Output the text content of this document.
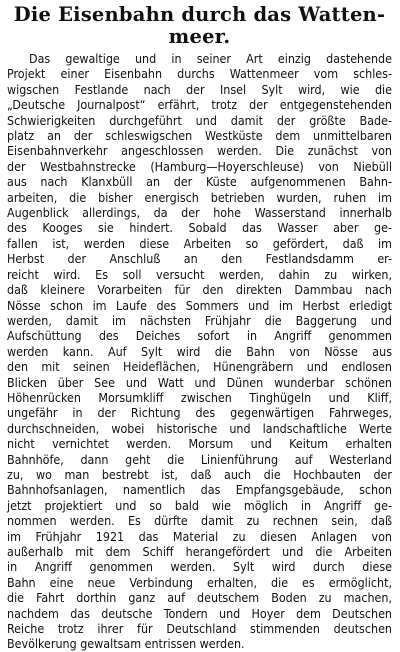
Die Eisenbahn durch das Watten-
meer.
Das gewaltige und in seiner Art einzig dastehende
Projekt einer Eisenbahn durchs Wattenmeer vom schles-
wigschen Festlande nach der Insel Sylt wird, wie die
„Deutsche Journalpost“ erfährt, trotz der entgegenstehenden
Schwierigkeiten durchgeführt und damit der größte Bade-
platz an der schleswigschen Westküste dem unmittelbaren
Eisenbahnverkehr angeschlossen werden. Die zunächst von
der Westbahnstrecke (Hamburg—Hoyerschleuse) von Niebüll
aus nach Klanxbüll an der Küste aufgenommenen Bahn-
arbeiten, die bisher energisch betrieben wurden, ruhen im
Augenblick allerdings, da der hohe Wasserstand innerhalb
des Kooges sie hindert. Sobald das Wasser aber ge-
fallen ist, werden diese Arbeiten so gefördert, daß im
Herbst der Anschluß an den Festlandsdamm er-
reicht wird. Es soll versucht werden, dahin zu wirken,
daß kleinere Vorarbeiten für den direkten Dammbau nach
Nösse schon im Laufe des Sommers und im Herbst erledigt
werden, damit im nächsten Frühjahr die Baggerung und
Aufschüttung des Deiches sofort in Angriff genommen
werden kann. Auf Sylt wird die Bahn von Nösse aus
den mit seinen Heideflächen, Hünengräbern und endlosen
Blicken über See und Watt und Dünen wunderbar schönen
Höhenrücken Morsumkliff zwischen Tinghügeln und Kliff,
ungefähr in der Richtung des gegenwärtigen Fahrweges,
durchschneiden, wobei historische und landschaftliche Werte
nicht vernichtet werden. Morsum und Keitum erhalten
Bahnhöfe, dann geht die Linienführung auf Westerland
zu, wo man bestrebt ist, daß auch die Hochbauten der
Bahnhofsanlagen, namentlich das Empfangsgebäude, schon
jetzt projektiert und so bald wie möglich in Angriff ge-
nommen werden. Es dürfte damit zu rechnen sein, daß
im Frühjahr 1921 das Material zu diesen Anlagen von
außerhalb mit dem Schiff herangefördert und die Arbeiten
in Angriff genommen werden. Sylt wird durch diese
Bahn eine neue Verbindung erhalten, die es ermöglicht,
die Fahrt dorthin ganz auf deutschem Boden zu machen,
nachdem das deutsche Tondern und Hoyer dem Deutschen
Reiche trotz ihrer für Deutschland stimmenden deutschen
Bevölkerung gewaltsam entrissen werden.
